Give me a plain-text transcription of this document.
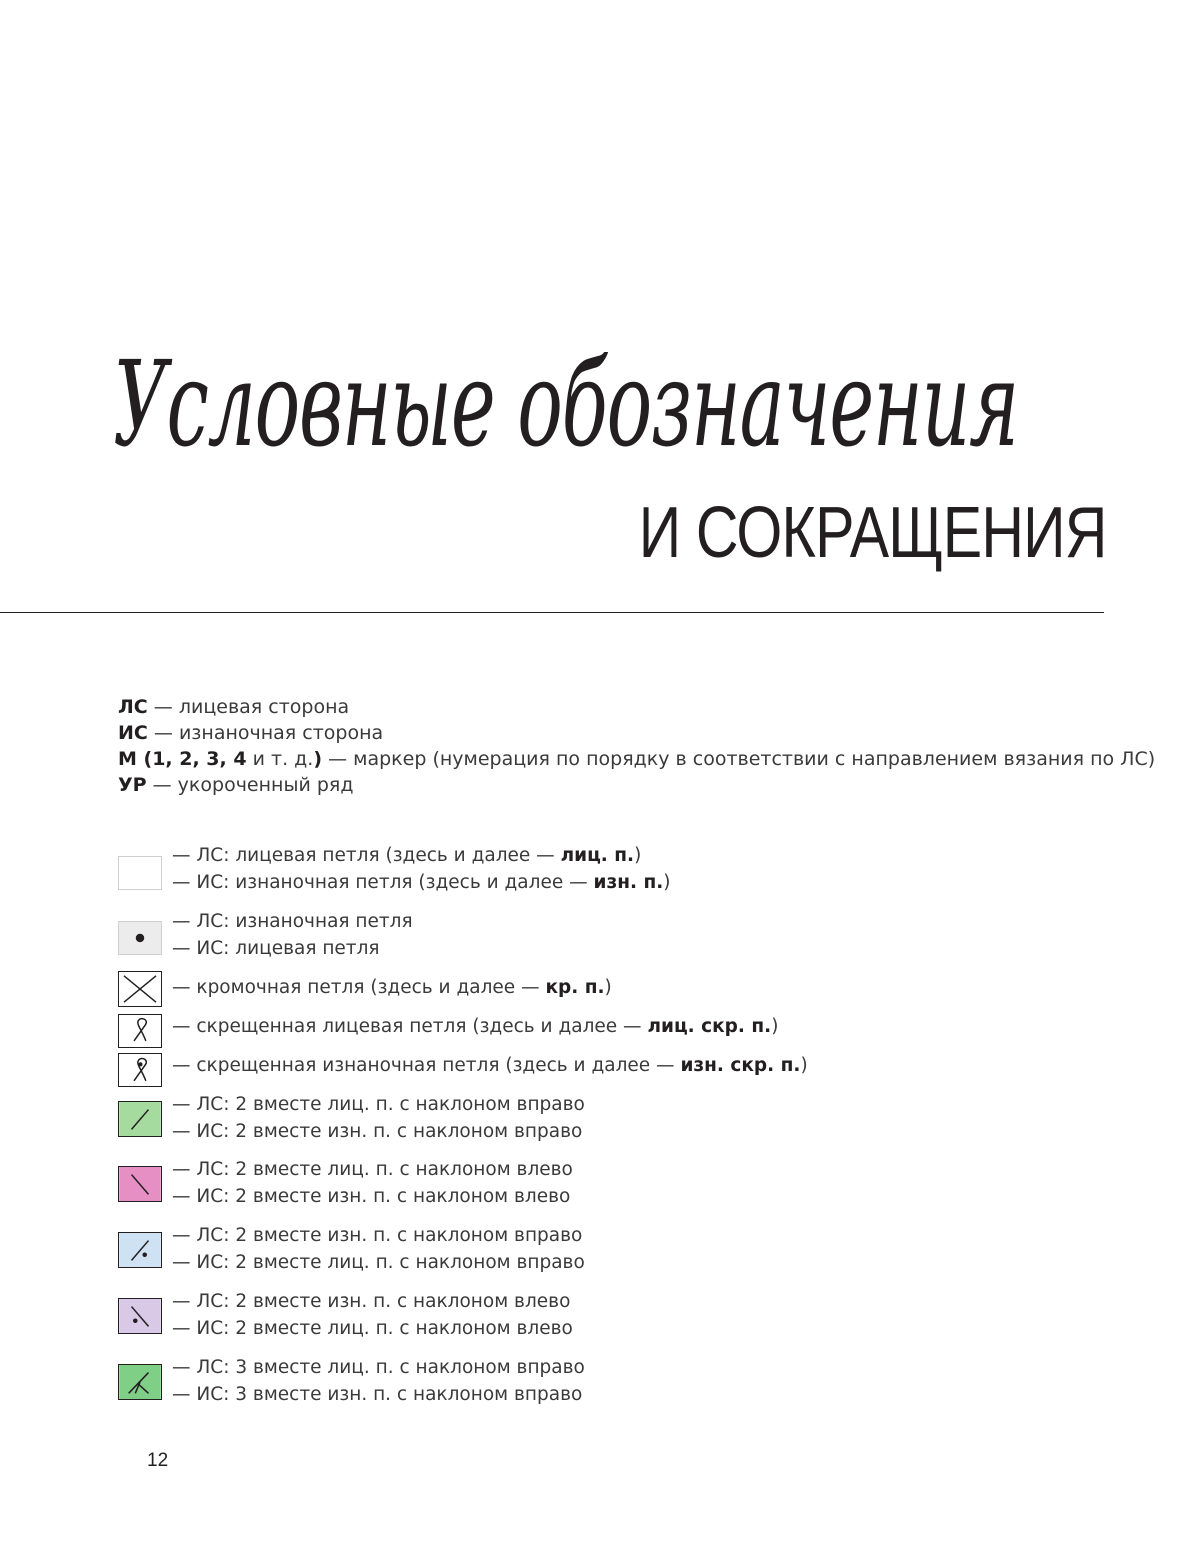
Условные обозначения
И СОКРАЩЕНИЯ
ЛС — лицевая сторона
ИС — изнаночная сторона
М (1, 2, 3, 4 и т. д.) — маркер (нумерация по порядку в соответствии с направлением вязания по ЛС)
УР — укороченный ряд
— ЛС: лицевая петля (здесь и далее — лиц. п.)
— ИС: изнаночная петля (здесь и далее — изн. п.)
— ЛС: изнаночная петля
— ИС: лицевая петля
— кромочная петля (здесь и далее — кр. п.)
— скрещенная лицевая петля (здесь и далее — лиц. скр. п.)
— скрещенная изнаночная петля (здесь и далее — изн. скр. п.)
— ЛС: 2 вместе лиц. п. с наклоном вправо
— ИС: 2 вместе изн. п. с наклоном вправо
— ЛС: 2 вместе лиц. п. с наклоном влево
— ИС: 2 вместе изн. п. с наклоном влево
— ЛС: 2 вместе изн. п. с наклоном вправо
— ИС: 2 вместе лиц. п. с наклоном вправо
— ЛС: 2 вместе изн. п. с наклоном влево
— ИС: 2 вместе лиц. п. с наклоном влево
— ЛС: 3 вместе лиц. п. с наклоном вправо
— ИС: 3 вместе изн. п. с наклоном вправо
12
